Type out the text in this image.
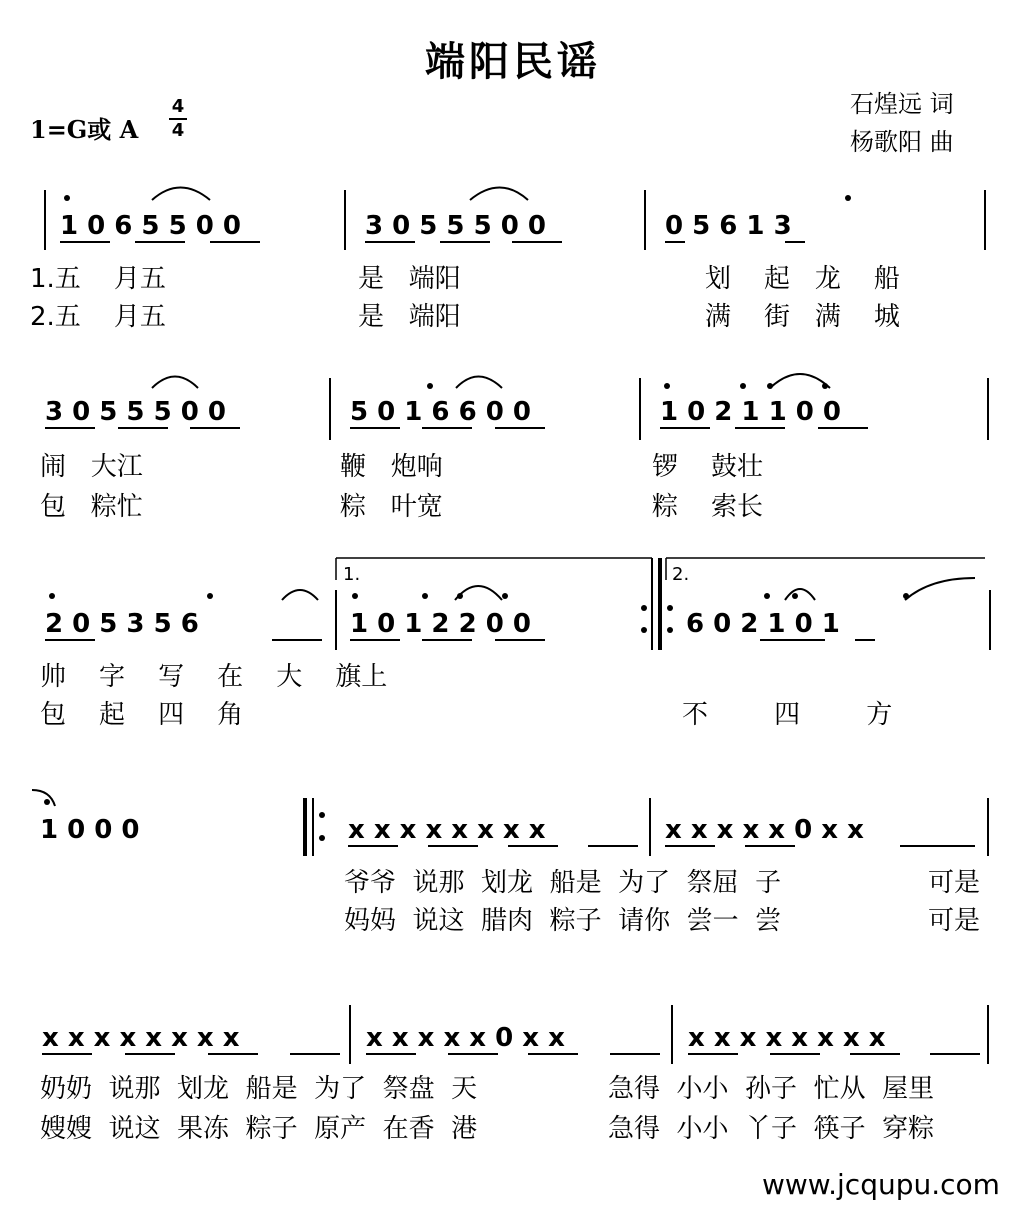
端阳民谣
1=G或 A
4
4
石煌远 词
杨歌阳 曲
1 0 6 5 5 0 0	3 0 5 5 5 0 0	0 5 6 1 3
3 0 5 5 5 0 0	5 0 1 6 6 0 0	1 0 2 1 1 0 0
2 0 5 3 5 6	1 0 1 2 2 0 0	6 0 2 1 0 1
1.	2.
1 0 0 0	x x x x x x x x	x x x x x 0 x x
x x x x x x x x	x x x x x 0 x x	x x x x x x x x
1.五    月五	是   端阳	划    起   龙    船
2.五    月五	是   端阳	满    街   满    城
闹   大江	鞭   炮响	锣    鼓壮
包   粽忙	粽   叶宽	粽    索长
帅    字    写    在    大    旗上
包    起    四    角	不        四        方
爷爷  说那  划龙  船是  为了  祭屈  子	可是
妈妈  说这  腊肉  粽子  请你  尝一  尝	可是
奶奶  说那  划龙  船是  为了  祭盘  天	急得  小小  孙子  忙从  屋里
嫂嫂  说这  果冻  粽子  原产  在香  港	急得  小小  丫子  筷子  穿粽
www.jcqupu.com
